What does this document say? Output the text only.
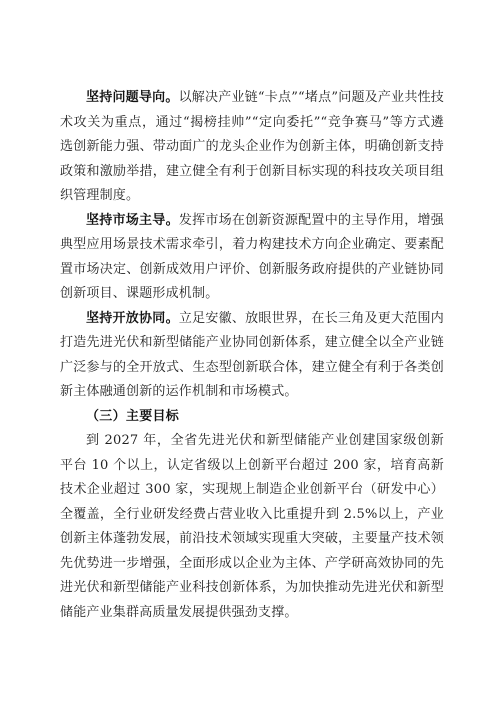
坚持问题导向。以解决产业链“卡点”“堵点”问题及产业共性技术攻关为重点，通过“揭榜挂帅”“定向委托”“竞争赛马”等方式遴选创新能力强、带动面广的龙头企业作为创新主体，明确创新支持政策和激励举措，建立健全有利于创新目标实现的科技攻关项目组织管理制度。

坚持市场主导。发挥市场在创新资源配置中的主导作用，增强典型应用场景技术需求牵引，着力构建技术方向企业确定、要素配置市场决定、创新成效用户评价、创新服务政府提供的产业链协同创新项目、课题形成机制。

坚持开放协同。立足安徽、放眼世界，在长三角及更大范围内打造先进光伏和新型储能产业协同创新体系，建立健全以全产业链广泛参与的全开放式、生态型创新联合体，建立健全有利于各类创新主体融通创新的运作机制和市场模式。

（三）主要目标

到 2027 年，全省先进光伏和新型储能产业创建国家级创新平台 10 个以上，认定省级以上创新平台超过 200 家，培育高新技术企业超过 300 家，实现规上制造企业创新平台（研发中心）全覆盖，全行业研发经费占营业收入比重提升到 2.5%以上，产业创新主体蓬勃发展，前沿技术领域实现重大突破，主要量产技术领先优势进一步增强，全面形成以企业为主体、产学研高效协同的先进光伏和新型储能产业科技创新体系，为加快推动先进光伏和新型储能产业集群高质量发展提供强劲支撑。
